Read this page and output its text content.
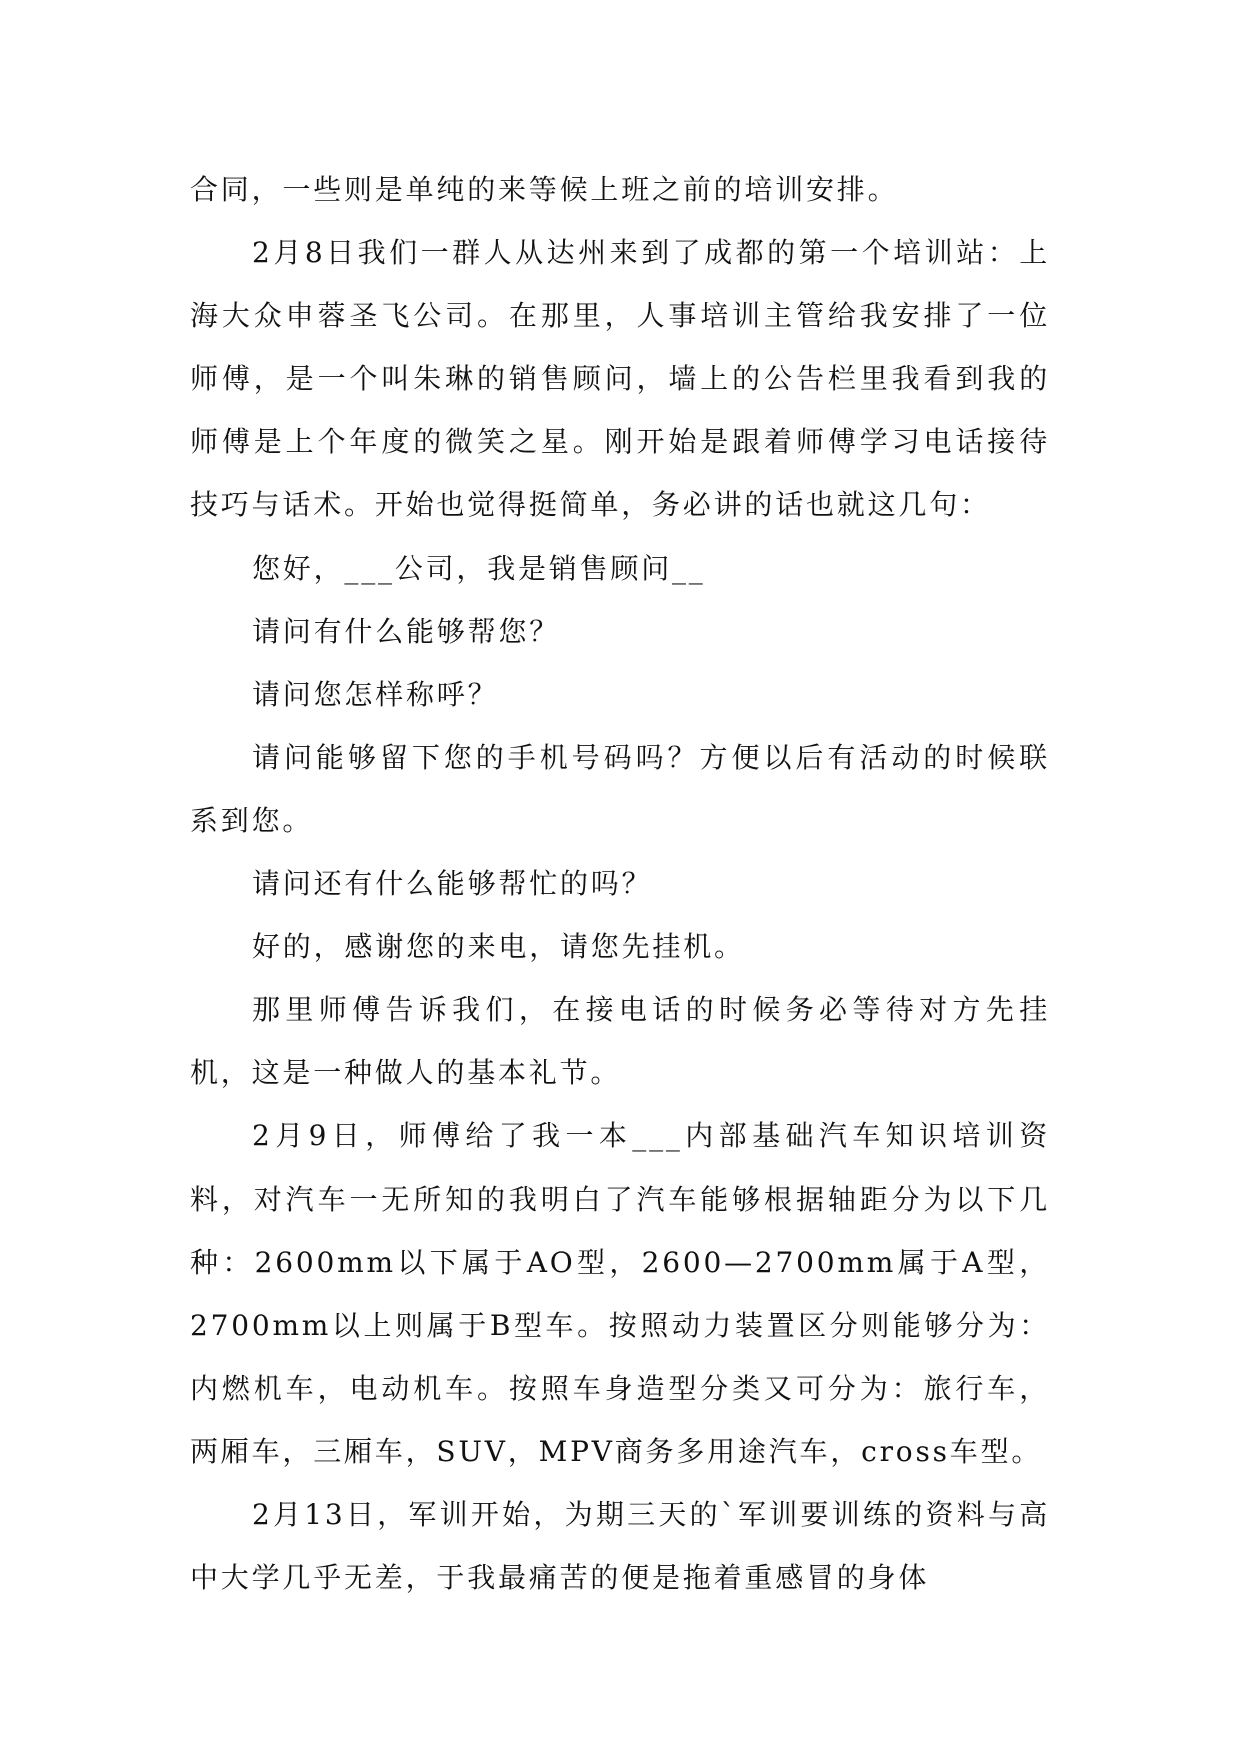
合同，一些则是单纯的来等候上班之前的培训安排。

2月8日我们一群人从达州来到了成都的第一个培训站：上海大众申蓉圣飞公司。在那里，人事培训主管给我安排了一位师傅，是一个叫朱琳的销售顾问，墙上的公告栏里我看到我的师傅是上个年度的微笑之星。刚开始是跟着师傅学习电话接待技巧与话术。开始也觉得挺简单，务必讲的话也就这几句：

您好，___公司，我是销售顾问__

请问有什么能够帮您？

请问您怎样称呼？

请问能够留下您的手机号码吗？方便以后有活动的时候联系到您。

请问还有什么能够帮忙的吗？

好的，感谢您的来电，请您先挂机。

那里师傅告诉我们，在接电话的时候务必等待对方先挂机，这是一种做人的基本礼节。

2月9日，师傅给了我一本___内部基础汽车知识培训资料，对汽车一无所知的我明白了汽车能够根据轴距分为以下几种：2600mm以下属于AO型，2600—2700mm属于A型，2700mm以上则属于B型车。按照动力装置区分则能够分为：内燃机车，电动机车。按照车身造型分类又可分为：旅行车，两厢车，三厢车，SUV，MPV商务多用途汽车，cross车型。

2月13日，军训开始，为期三天的`军训要训练的资料与高中大学几乎无差，于我最痛苦的便是拖着重感冒的身体
